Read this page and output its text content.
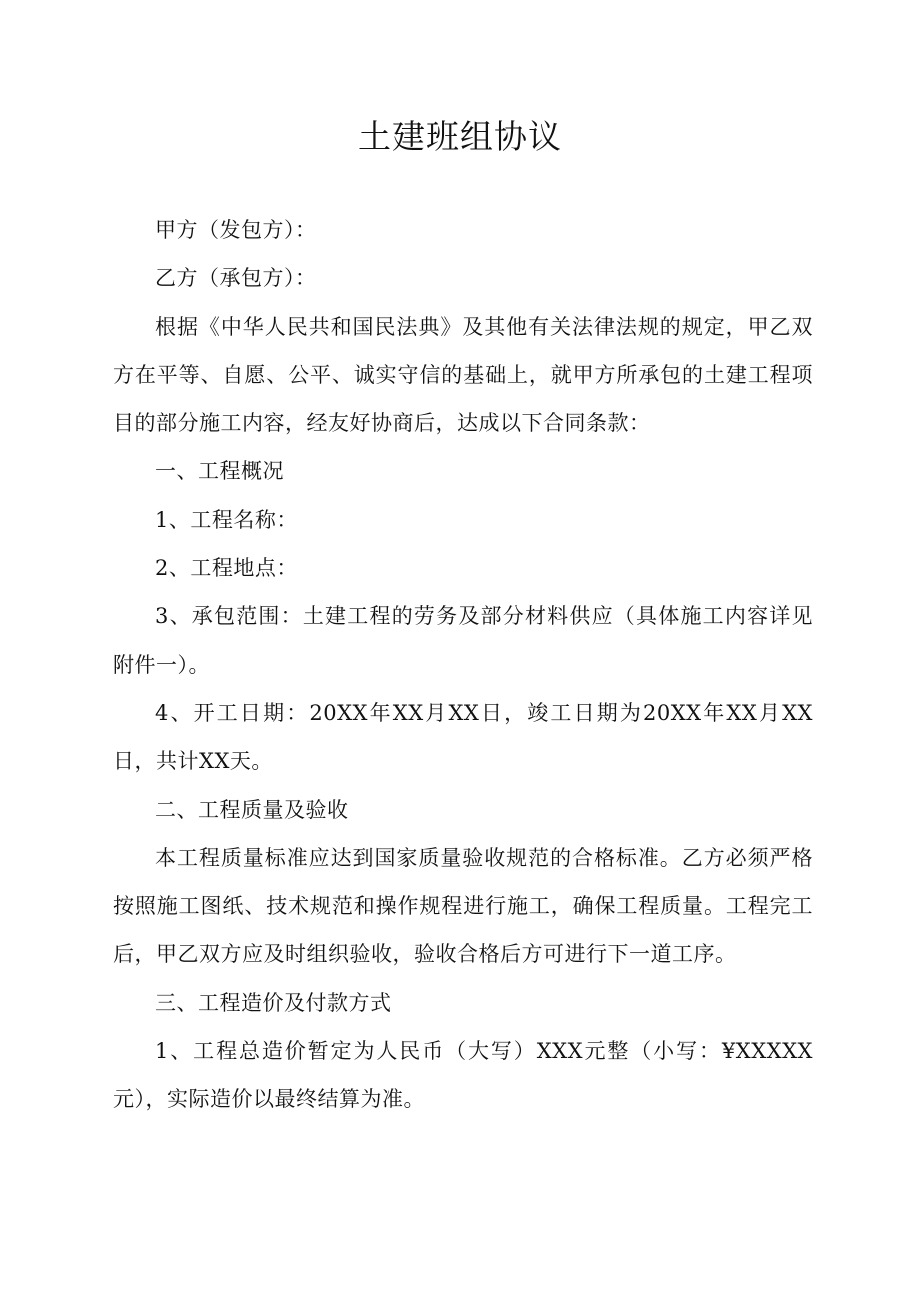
土建班组协议

甲方（发包方）：

乙方（承包方）：

根据《中华人民共和国民法典》及其他有关法律法规的规定，甲乙双方在平等、自愿、公平、诚实守信的基础上，就甲方所承包的土建工程项目的部分施工内容，经友好协商后，达成以下合同条款：

一、工程概况

1、工程名称：

2、工程地点：

3、承包范围：土建工程的劳务及部分材料供应（具体施工内容详见附件一）。

4、开工日期：20XX年XX月XX日，竣工日期为20XX年XX月XX日，共计XX天。

二、工程质量及验收

本工程质量标准应达到国家质量验收规范的合格标准。乙方必须严格按照施工图纸、技术规范和操作规程进行施工，确保工程质量。工程完工后，甲乙双方应及时组织验收，验收合格后方可进行下一道工序。

三、工程造价及付款方式

1、工程总造价暂定为人民币（大写）XXX元整（小写：¥XXXXX元），实际造价以最终结算为准。
